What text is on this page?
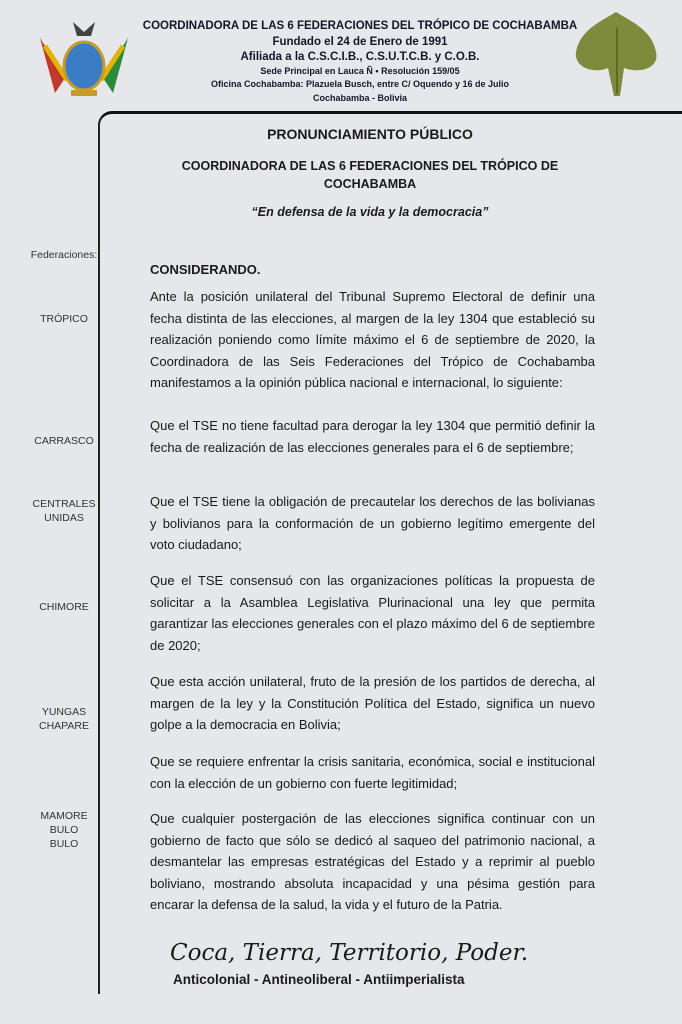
COORDINADORA DE LAS 6 FEDERACIONES DEL TRÓPICO DE COCHABAMBA
Fundado el 24 de Enero de 1991
Afiliada a la C.S.C.I.B., C.S.U.T.C.B. y C.O.B.
Sede Principal en Lauca Ñ • Resolución 159/05
Oficina Cochabamba: Plazuela Busch, entre C/ Oquendo y 16 de Julio
Cochabamba - Bolivia
PRONUNCIAMIENTO PÚBLICO
COORDINADORA DE LAS 6 FEDERACIONES DEL TRÓPICO DE COCHABAMBA
“En defensa de la vida y la democracia”
Federaciones:
TRÓPICO
CARRASCO
CENTRALES UNIDAS
CHIMORE
YUNGAS CHAPARE
MAMORE BULO BULO
CONSIDERANDO.
Ante la posición unilateral del Tribunal Supremo Electoral de definir una fecha distinta de las elecciones, al margen de la ley 1304 que estableció su realización poniendo como límite máximo el 6 de septiembre de 2020, la Coordinadora de las Seis Federaciones del Trópico de Cochabamba manifestamos a la opinión pública nacional e internacional, lo siguiente:
Que el TSE no tiene facultad para derogar la ley 1304 que permitió definir la fecha de realización de las elecciones generales para el 6 de septiembre;
Que el TSE tiene la obligación de precautelar los derechos de las bolivianas y bolivianos para la conformación de un gobierno legítimo emergente del voto ciudadano;
Que el TSE consensuó con las organizaciones políticas la propuesta de solicitar a la Asamblea Legislativa Plurinacional una ley que permita garantizar las elecciones generales con el plazo máximo del 6 de septiembre de 2020;
Que esta acción unilateral, fruto de la presión de los partidos de derecha, al margen de la ley y la Constitución Política del Estado, significa un nuevo golpe a la democracia en Bolivia;
Que se requiere enfrentar la crisis sanitaria, económica, social e institucional con la elección de un gobierno con fuerte legitimidad;
Que cualquier postergación de las elecciones significa continuar con un gobierno de facto que sólo se dedicó al saqueo del patrimonio nacional, a desmantelar las empresas estratégicas del Estado y a reprimir al pueblo boliviano, mostrando absoluta incapacidad y una pésima gestión para encarar la defensa de la salud, la vida y el futuro de la Patria.
Coca, Tierra, Territorio, Poder.
Anticolonial - Antineoliberal - Antiimperialista
